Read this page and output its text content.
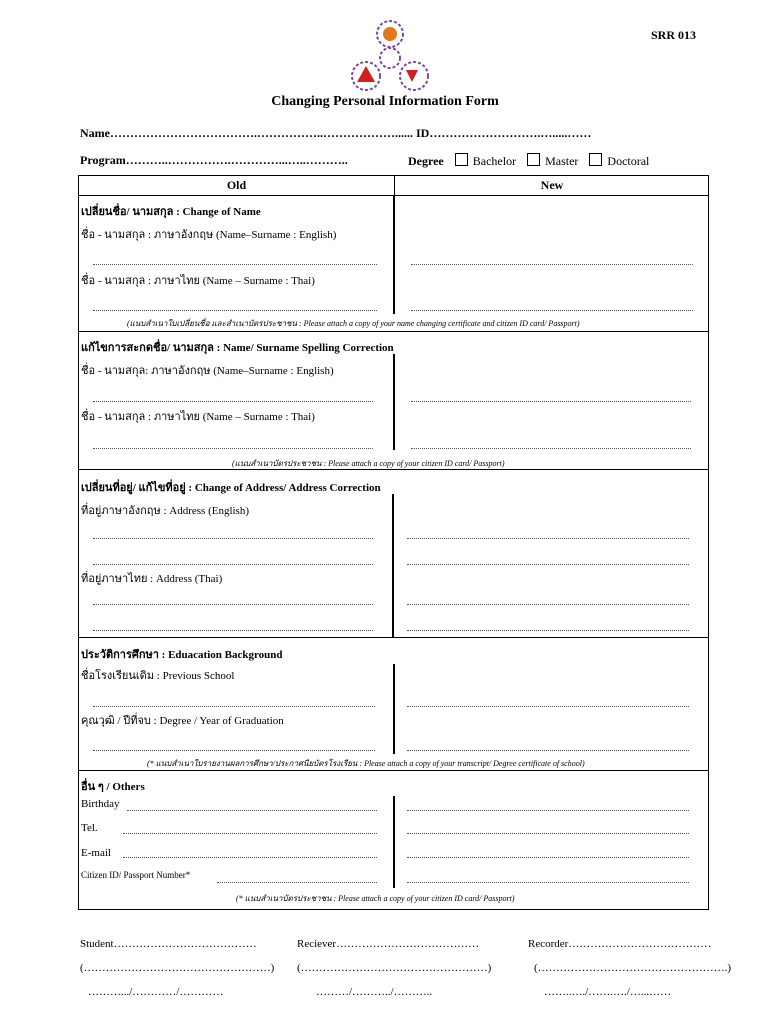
SRR 013
Changing Personal Information Form
Name……………………………….……………..………………...... ID……………………….….....……
Program………..…………….…………...…..………..	Degree Bachelor Master Doctoral
Old	New
เปลี่ยนชื่อ/ นามสกุล : Change of Name
ชื่อ - นามสกุล : ภาษาอังกฤษ (Name–Surname : English)
ชื่อ - นามสกุล : ภาษาไทย (Name – Surname : Thai)
(แนบสำเนาใบเปลี่ยนชื่อ และสำเนาบัตรประชาชน : Please attach a copy of your name changing certificate and citizen ID card/ Passport)
แก้ไขการสะกดชื่อ/ นามสกุล : Name/ Surname Spelling Correction
ชื่อ - นามสกุล: ภาษาอังกฤษ (Name–Surname : English)
ชื่อ - นามสกุล : ภาษาไทย (Name – Surname : Thai)
(แนบสำเนาบัตรประชาชน : Please attach a copy of your citizen ID card/ Passport)
เปลี่ยนที่อยู่/ แก้ไขที่อยู่ : Change of Address/ Address Correction
ที่อยู่ภาษาอังกฤษ : Address (English)
ที่อยู่ภาษาไทย : Address (Thai)
ประวัติการศึกษา : Eduacation Background
ชื่อโรงเรียนเดิม : Previous School
คุณวุฒิ / ปีที่จบ : Degree / Year of Graduation
(* แนบสำเนาใบรายงานผลการศึกษา/ประกาศนียบัตรโรงเรียน : Please attach a copy of your transcript/ Degree certificate of school)
อื่น ๆ / Others
Birthday
Tel.
E-mail
Citizen ID/ Passport Number*
(* แนบสำเนาบัตรประชาชน : Please attach a copy of your citizen ID card/ Passport)
Student…………………………………	Reciever…………………………………	Recorder…………………………………
(……………………………………………) (……………………………………………)	(…………………………………………….)
……….../…………/…………	………/………../………..	……..…./…….…./…...……
